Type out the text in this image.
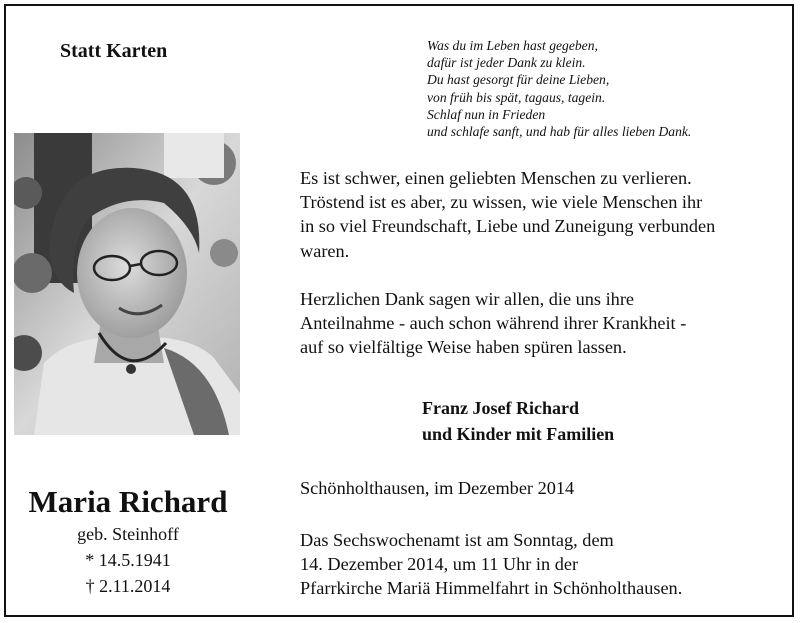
Statt Karten	Was du im Leben hast gegeben,
dafür ist jeder Dank zu klein.
Du hast gesorgt für deine Lieben,
von früh bis spät, tagaus, tagein.
Schlaf nun in Frieden
und schlafe sanft, und hab für alles lieben Dank.
Maria Richard
geb. Steinhoff
* 14.5.1941
† 2.11.2014

Es ist schwer, einen geliebten Menschen zu verlieren.
Tröstend ist es aber, zu wissen, wie viele Menschen ihr
in so viel Freundschaft, Liebe und Zuneigung verbunden
waren.

Herzlichen Dank sagen wir allen, die uns ihre
Anteilnahme - auch schon während ihrer Krankheit -
auf so vielfältige Weise haben spüren lassen.

Franz Josef Richard
und Kinder mit Familien
Schönholthausen, im Dezember 2014

Das Sechswochenamt ist am Sonntag, dem
14. Dezember 2014, um 11 Uhr in der
Pfarrkirche Mariä Himmelfahrt in Schönholthausen.
